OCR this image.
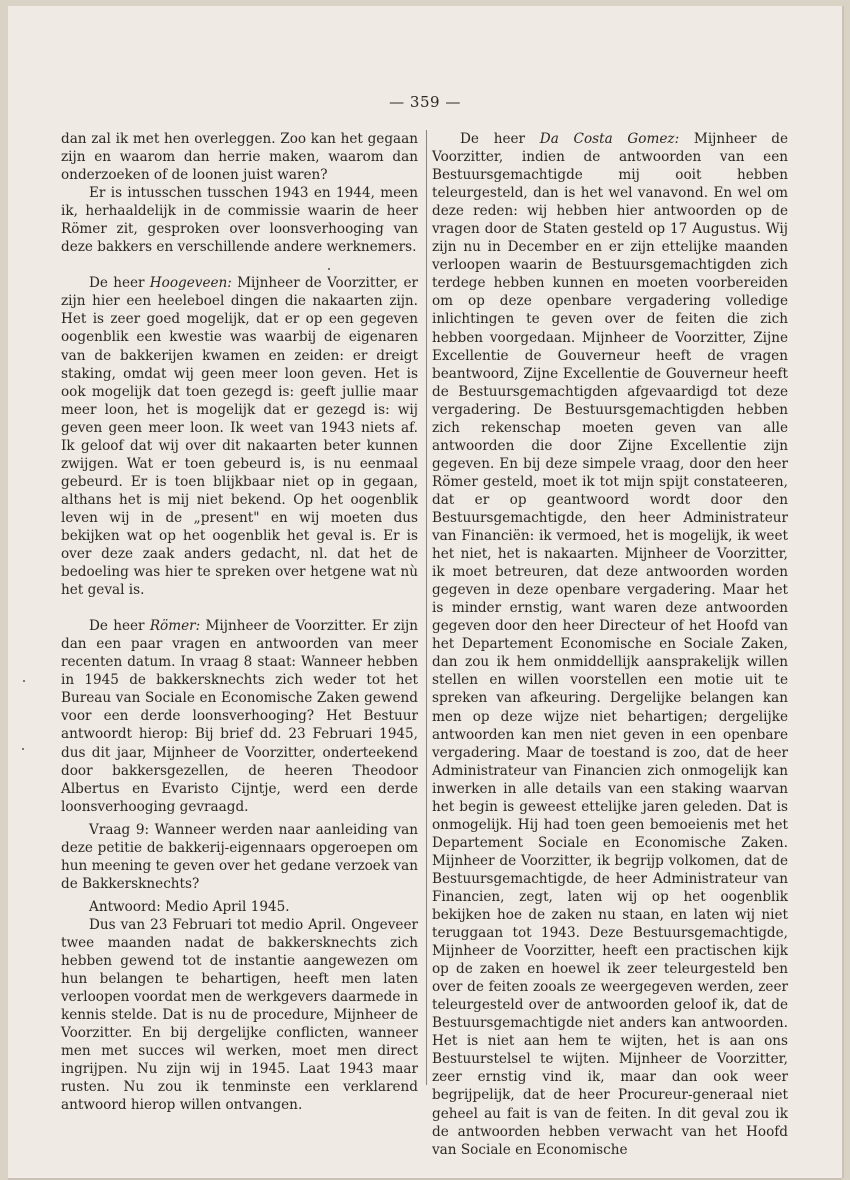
— 359 —

dan zal ik met hen overleggen. Zoo kan het gegaan zijn en waarom dan herrie maken, waarom dan onderzoeken of de loonen juist waren?

Er is intusschen tusschen 1943 en 1944, meen ik, herhaaldelijk in de commissie waarin de heer Römer zit, gesproken over loonsverhooging van deze bakkers en verschillende andere werknemers.

De heer Hoogeveen: Mijnheer de Voorzitter, er zijn hier een heeleboel dingen die nakaarten zijn. Het is zeer goed mogelijk, dat er op een gegeven oogenblik een kwestie was waarbij de eigenaren van de bakkerijen kwamen en zeiden: er dreigt staking, omdat wij geen meer loon geven. Het is ook mogelijk dat toen gezegd is: geeft jullie maar meer loon, het is mogelijk dat er gezegd is: wij geven geen meer loon. Ik weet van 1943 niets af. Ik geloof dat wij over dit nakaarten beter kunnen zwijgen. Wat er toen gebeurd is, is nu eenmaal gebeurd. Er is toen blijkbaar niet op in gegaan, althans het is mij niet bekend. Op het oogenblik leven wij in de „present" en wij moeten dus bekijken wat op het oogenblik het geval is. Er is over deze zaak anders gedacht, nl. dat het de bedoeling was hier te spreken over hetgene wat nù het geval is.

De heer Römer: Mijnheer de Voorzitter. Er zijn dan een paar vragen en antwoorden van meer recenten datum. In vraag 8 staat: Wanneer hebben in 1945 de bakkersknechts zich weder tot het Bureau van Sociale en Economische Zaken gewend voor een derde loonsverhooging? Het Bestuur antwoordt hierop: Bij brief dd. 23 Februari 1945, dus dit jaar, Mijnheer de Voorzitter, onderteekend door bakkersgezellen, de heeren Theodoor Albertus en Evaristo Cijntje, werd een derde loonsverhooging gevraagd.

Vraag 9: Wanneer werden naar aanleiding van deze petitie de bakkerij-eigennaars opgeroepen om hun meening te geven over het gedane verzoek van de Bakkersknechts?

Antwoord: Medio April 1945.

Dus van 23 Februari tot medio April. Ongeveer twee maanden nadat de bakkersknechts zich hebben gewend tot de instantie aangewezen om hun belangen te behartigen, heeft men laten verloopen voordat men de werkgevers daarmede in kennis stelde. Dat is nu de procedure, Mijnheer de Voorzitter. En bij dergelijke conflicten, wanneer men met succes wil werken, moet men direct ingrijpen. Nu zijn wij in 1945. Laat 1943 maar rusten. Nu zou ik tenminste een verklarend antwoord hierop willen ontvangen.

De heer Da Costa Gomez: Mijnheer de Voorzitter, indien de antwoorden van een Bestuursgemachtigde mij ooit hebben teleurgesteld, dan is het wel vanavond. En wel om deze reden: wij hebben hier antwoorden op de vragen door de Staten gesteld op 17 Augustus. Wij zijn nu in December en er zijn ettelijke maanden verloopen waarin de Bestuursgemachtigden zich terdege hebben kunnen en moeten voorbereiden om op deze openbare vergadering volledige inlichtingen te geven over de feiten die zich hebben voorgedaan. Mijnheer de Voorzitter, Zijne Excellentie de Gouverneur heeft de vragen beantwoord, Zijne Excellentie de Gouverneur heeft de Bestuursgemachtigden afgevaardigd tot deze vergadering. De Bestuursgemachtigden hebben zich rekenschap moeten geven van alle antwoorden die door Zijne Excellentie zijn gegeven. En bij deze simpele vraag, door den heer Römer gesteld, moet ik tot mijn spijt constateeren, dat er op geantwoord wordt door den Bestuursgemachtigde, den heer Administrateur van Financiën: ik vermoed, het is mogelijk, ik weet het niet, het is nakaarten. Mijnheer de Voorzitter, ik moet betreuren, dat deze antwoorden worden gegeven in deze openbare vergadering. Maar het is minder ernstig, want waren deze antwoorden gegeven door den heer Directeur of het Hoofd van het Departement Economische en Sociale Zaken, dan zou ik hem onmiddellijk aansprakelijk willen stellen en willen voorstellen een motie uit te spreken van afkeuring. Dergelijke belangen kan men op deze wijze niet behartigen; dergelijke antwoorden kan men niet geven in een openbare vergadering. Maar de toestand is zoo, dat de heer Administrateur van Financien zich onmogelijk kan inwerken in alle details van een staking waarvan het begin is geweest ettelijke jaren geleden. Dat is onmogelijk. Hij had toen geen bemoeienis met het Departement Sociale en Economische Zaken. Mijnheer de Voorzitter, ik begrijp volkomen, dat de Bestuursgemachtigde, de heer Administrateur van Financien, zegt, laten wij op het oogenblik bekijken hoe de zaken nu staan, en laten wij niet teruggaan tot 1943. Deze Bestuursgemachtigde, Mijnheer de Voorzitter, heeft een practischen kijk op de zaken en hoewel ik zeer teleurgesteld ben over de feiten zooals ze weergegeven werden, zeer teleurgesteld over de antwoorden geloof ik, dat de Bestuursgemachtigde niet anders kan antwoorden. Het is niet aan hem te wijten, het is aan ons Bestuurstelsel te wijten. Mijnheer de Voorzitter, zeer ernstig vind ik, maar dan ook weer begrijpelijk, dat de heer Procureur-generaal niet geheel au fait is van de feiten. In dit geval zou ik de antwoorden hebben verwacht van het Hoofd van Sociale en Economische
